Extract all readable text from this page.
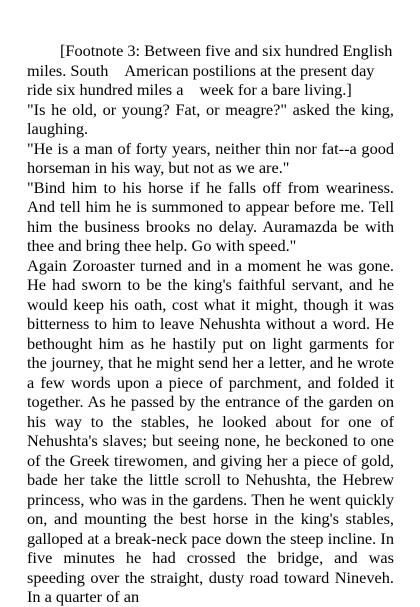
[Footnote 3: Between five and six hundred English
miles. South American postilions at the present day
ride six hundred miles a week for a bare living.]

"Is he old, or young? Fat, or meagre?" asked the king, laughing.

"He is a man of forty years, neither thin nor fat--a good horseman in his way, but not as we are."

"Bind him to his horse if he falls off from weariness. And tell him he is summoned to appear before me. Tell him the business brooks no delay. Auramazda be with thee and bring thee help. Go with speed."

Again Zoroaster turned and in a moment he was gone. He had sworn to be the king's faithful servant, and he would keep his oath, cost what it might, though it was bitterness to him to leave Nehushta without a word. He bethought him as he hastily put on light garments for the journey, that he might send her a letter, and he wrote a few words upon a piece of parchment, and folded it together. As he passed by the entrance of the garden on his way to the stables, he looked about for one of Nehushta's slaves; but seeing none, he beckoned to one of the Greek tirewomen, and giving her a piece of gold, bade her take the little scroll to Nehushta, the Hebrew princess, who was in the gardens. Then he went quickly on, and mounting the best horse in the king's stables, galloped at a break-neck pace down the steep incline. In five minutes he had crossed the bridge, and was speeding over the straight, dusty road toward Nineveh. In a quarter of an
